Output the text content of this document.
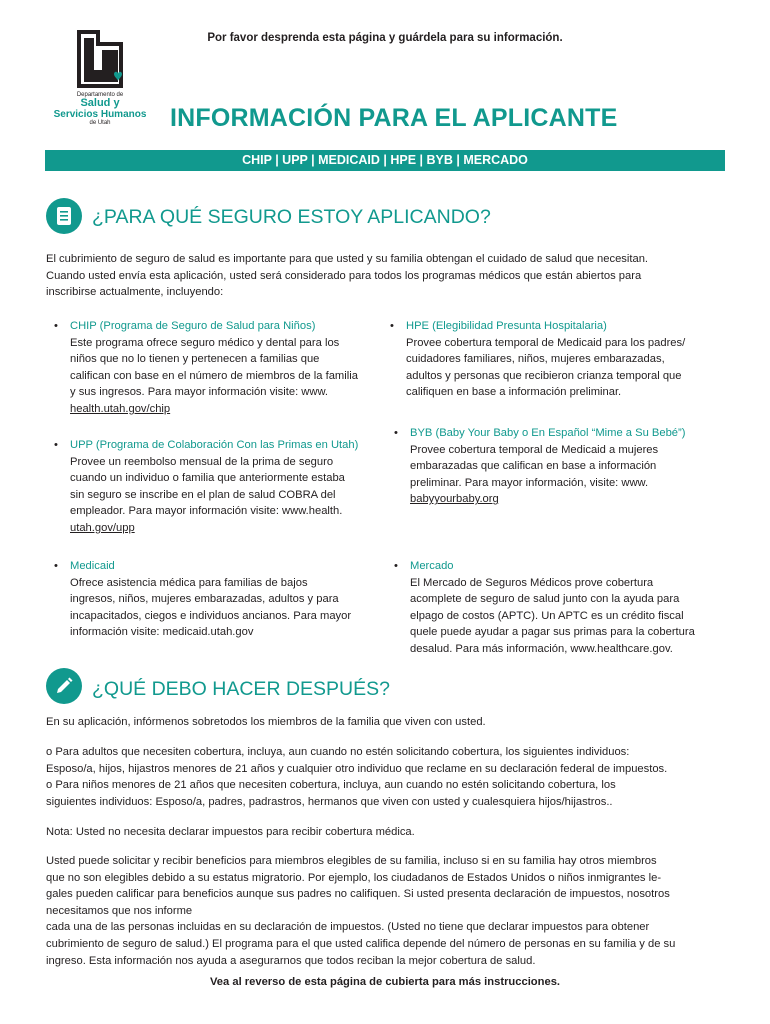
Por favor desprenda esta página y guárdela para su información.
Departamento de
Salud y
Servicios Humanos
de Utah	INFORMACIÓN PARA EL APLICANTE
CHIP | UPP | MEDICAID | HPE | BYB | MERCADO
¿PARA QUÉ SEGURO ESTOY APLICANDO?
El cubrimiento de seguro de salud es importante para que usted y su familia obtengan el cuidado de salud que necesitan.
Cuando usted envía esta aplicación, usted será considerado para todos los programas médicos que están abiertos para
inscribirse actualmente, incluyendo:
• CHIP (Programa de Seguro de Salud para Niños)
Este programa ofrece seguro médico y dental para los
niños que no lo tienen y pertenecen a familias que
califican con base en el número de miembros de la familia
y sus ingresos. Para mayor información visite: www.
health.utah.gov/chip
• UPP (Programa de Colaboración Con las Primas en Utah)
Provee un reembolso mensual de la prima de seguro
cuando un individuo o familia que anteriormente estaba
sin seguro se inscribe en el plan de salud COBRA del
empleador. Para mayor información visite: www.health.
utah.gov/upp
• Medicaid
Ofrece asistencia médica para familias de bajos
ingresos, niños, mujeres embarazadas, adultos y para
incapacitados, ciegos e individuos ancianos. Para mayor
información visite: medicaid.utah.gov
• HPE (Elegibilidad Presunta Hospitalaria)
Provee cobertura temporal de Medicaid para los padres/
cuidadores familiares, niños, mujeres embarazadas,
adultos y personas que recibieron crianza temporal que
califiquen en base a información preliminar.
• BYB (Baby Your Baby o En Español “Mime a Su Bebé”)
Provee cobertura temporal de Medicaid a mujeres
embarazadas que califican en base a información
preliminar. Para mayor información, visite: www.
babyyourbaby.org
• Mercado
El Mercado de Seguros Médicos prove cobertura
acomplete de seguro de salud junto con la ayuda para
elpago de costos (APTC). Un APTC es un crédito fiscal
quele puede ayudar a pagar sus primas para la cobertura
desalud. Para más información, www.healthcare.gov.
¿QUÉ DEBO HACER DESPUÉS?
En su aplicación, infórmenos sobretodos los miembros de la familia que viven con usted.
o Para adultos que necesiten cobertura, incluya, aun cuando no estén solicitando cobertura, los siguientes individuos:
Esposo/a, hijos, hijastros menores de 21 años y cualquier otro individuo que reclame en su declaración federal de impuestos.
o Para niños menores de 21 años que necesiten cobertura, incluya, aun cuando no estén solicitando cobertura, los
siguientes individuos: Esposo/a, padres, padrastros, hermanos que viven con usted y cualesquiera hijos/hijastros..
Nota: Usted no necesita declarar impuestos para recibir cobertura médica.
Usted puede solicitar y recibir beneficios para miembros elegibles de su familia, incluso si en su familia hay otros miembros
que no son elegibles debido a su estatus migratorio. Por ejemplo, los ciudadanos de Estados Unidos o niños inmigrantes le-
gales pueden calificar para beneficios aunque sus padres no califiquen. Si usted presenta declaración de impuestos, nosotros
necesitamos que nos informe
cada una de las personas incluidas en su declaración de impuestos. (Usted no tiene que declarar impuestos para obtener
cubrimiento de seguro de salud.) El programa para el que usted califica depende del número de personas en su familia y de su
ingreso. Esta información nos ayuda a asegurarnos que todos reciban la mejor cobertura de salud.
Vea al reverso de esta página de cubierta para más instrucciones.
